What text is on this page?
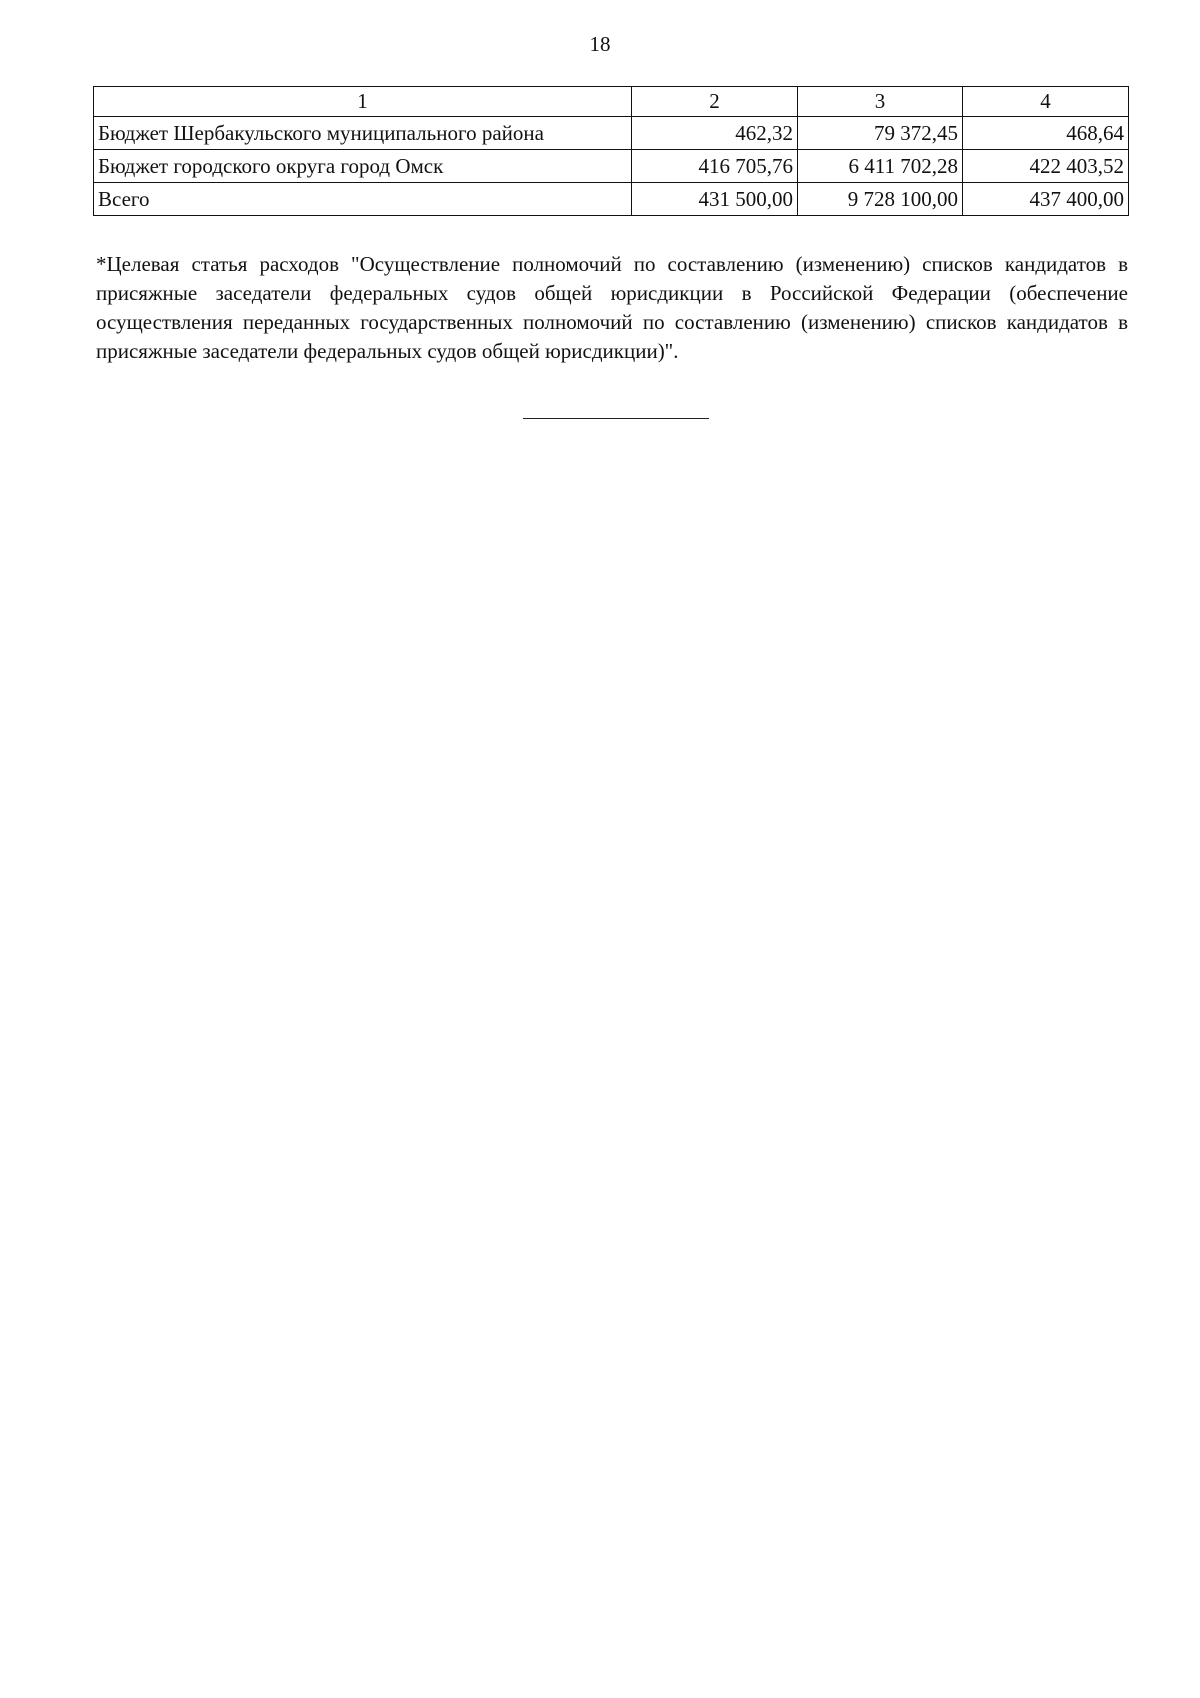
18
1	2	3	4
Бюджет Шербакульского муниципального района	462,32	79 372,45	468,64
Бюджет городского округа город Омск	416 705,76	6 411 702,28	422 403,52
Всего	431 500,00	9 728 100,00	437 400,00
*Целевая статья расходов "Осуществление полномочий по составлению (изменению) списков кандидатов в присяжные заседатели федеральных судов общей юрисдикции в Российской Федерации (обеспечение осуществления переданных государственных полномочий по составлению (изменению) списков кандидатов в присяжные заседатели федеральных судов общей юрисдикции)".
